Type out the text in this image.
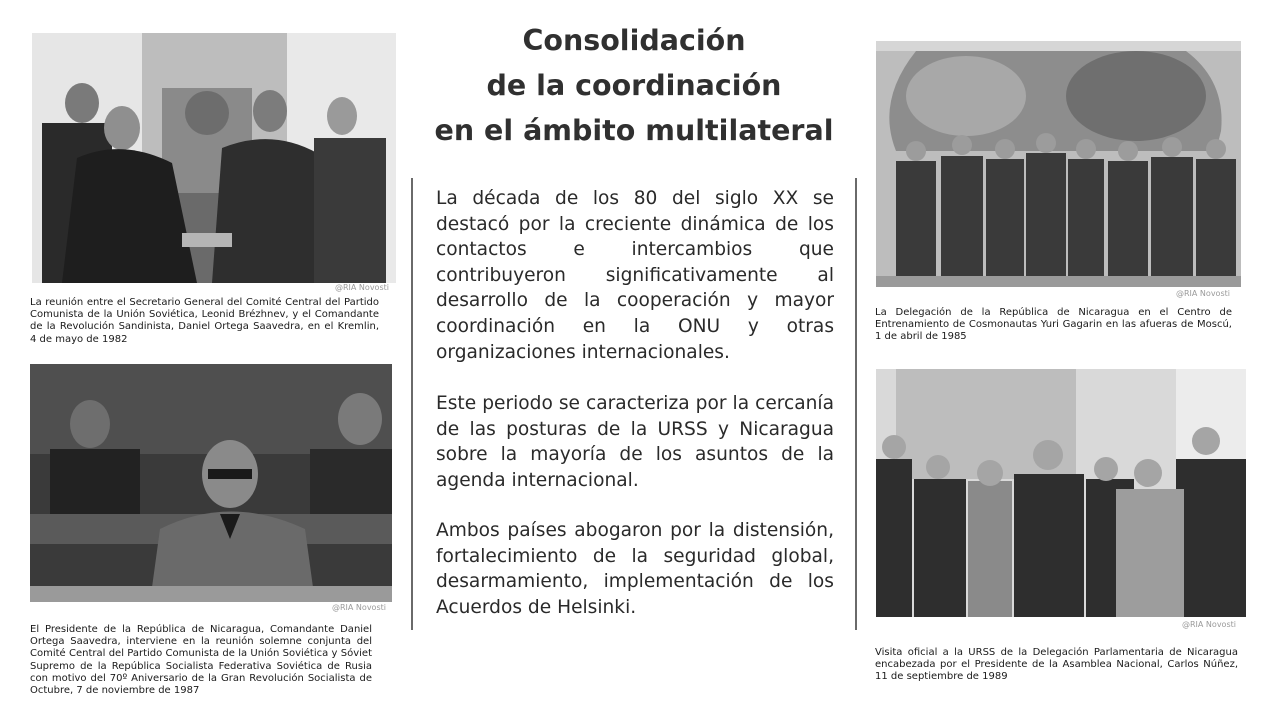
@RIA Novosti
La reunión entre el Secretario General del Comité Central del Partido Comunista de la Unión Soviética, Leonid Brézhnev, y el Comandante de la Revolución Sandinista, Daniel Ortega Saavedra, en el Kremlin, 4 de mayo de 1982
@RIA Novosti
El Presidente de la República de Nicaragua, Comandante Daniel Ortega Saavedra, interviene en la reunión solemne conjunta del Comité Central del Partido Comunista de la Unión Soviética y Sóviet Supremo de la República Socialista Federativa Soviética de Rusia con motivo del 70º Aniversario de la Gran Revolución Socialista de Octubre, 7 de noviembre de 1987
Consolidación
de la coordinación
en el ámbito multilateral

La década de los 80 del siglo XX se destacó por la creciente dinámica de los contactos e intercambios que contribuyeron significativamente al desarrollo de la cooperación y mayor coordinación en la ONU y otras organizaciones internacionales.

Este periodo se caracteriza por la cercanía de las posturas de la URSS y Nicaragua sobre la mayoría de los asuntos de la agenda internacional.

Ambos países abogaron por la distensión, fortalecimiento de la seguridad global, desarmamiento, implementación de los Acuerdos de Helsinki.

@RIA Novosti
La Delegación de la República de Nicaragua en el Centro de Entrenamiento de Cosmonautas Yuri Gagarin en las afueras de Moscú, 1 de abril de 1985
@RIA Novosti
Visita oficial a la URSS de la Delegación Parlamentaria de Nicaragua encabezada por el Presidente de la Asamblea Nacional, Carlos Núñez, 11 de septiembre de 1989
